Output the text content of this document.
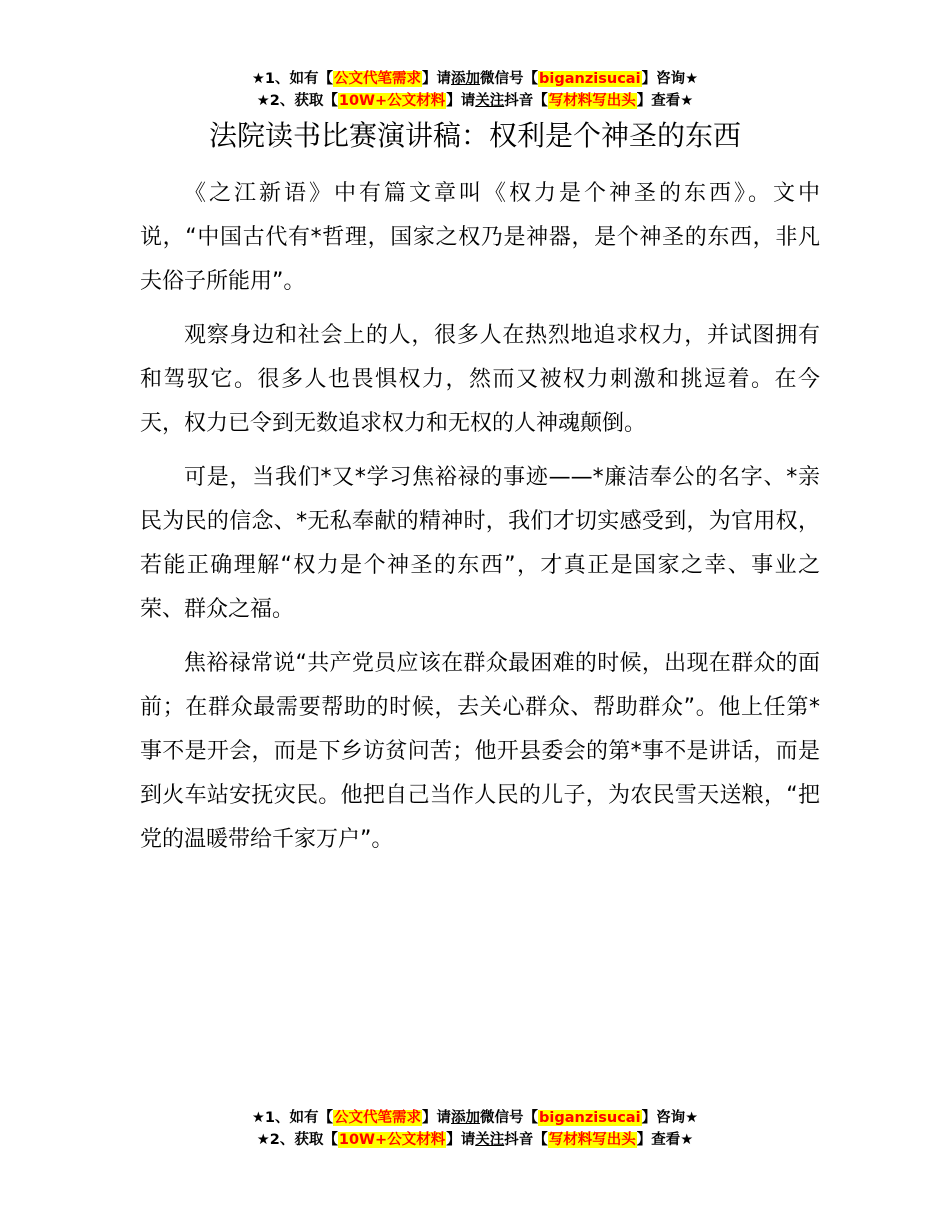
★1、如有【公文代笔需求】请添加微信号【biganzisucai】咨询★
★2、获取【10W+公文材料】请关注抖音【写材料写出头】查看★
法院读书比赛演讲稿：权利是个神圣的东西

《之江新语》中有篇文章叫《权力是个神圣的东西》。文中说，“中国古代有*哲理，国家之权乃是神器，是个神圣的东西，非凡夫俗子所能用”。

观察身边和社会上的人，很多人在热烈地追求权力，并试图拥有和驾驭它。很多人也畏惧权力，然而又被权力刺激和挑逗着。在今天，权力已令到无数追求权力和无权的人神魂颠倒。

可是，当我们*又*学习焦裕禄的事迹——*廉洁奉公的名字、*亲民为民的信念、*无私奉献的精神时，我们才切实感受到，为官用权，若能正确理解“权力是个神圣的东西”，才真正是国家之幸、事业之荣、群众之福。

焦裕禄常说“共产党员应该在群众最困难的时候，出现在群众的面前；在群众最需要帮助的时候，去关心群众、帮助群众”。他上任第*事不是开会，而是下乡访贫问苦；他开县委会的第*事不是讲话，而是到火车站安抚灾民。他把自己当作人民的儿子，为农民雪天送粮，“把党的温暖带给千家万户”。

★1、如有【公文代笔需求】请添加微信号【biganzisucai】咨询★
★2、获取【10W+公文材料】请关注抖音【写材料写出头】查看★
